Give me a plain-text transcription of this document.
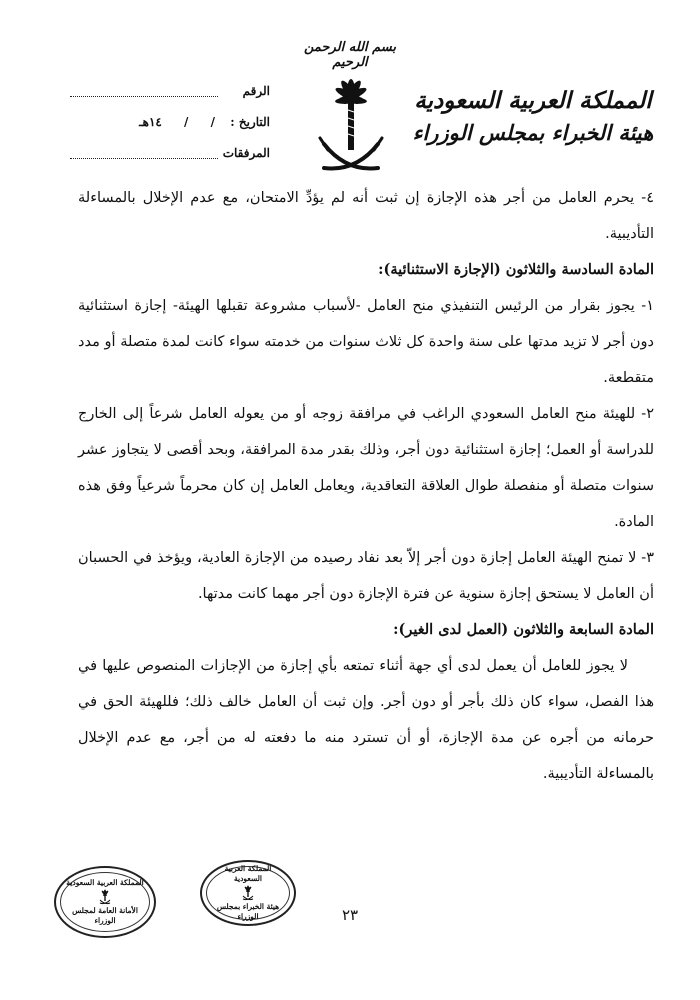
بسم الله الرحمن الرحيم
المملكة العربية السعودية
هيئة الخبراء بمجلس الوزراء
الرقم
التاريخ :
/ / ١٤هـ
المرفقات

٤- يحرم العامل من أجر هذه الإجازة إن ثبت أنه لم يؤدِّ الامتحان، مع عدم الإخلال بالمساءلة التأديبية.

المادة السادسة والثلاثون (الإجازة الاستثنائية):

١- يجوز بقرار من الرئيس التنفيذي منح العامل -لأسباب مشروعة تقبلها الهيئة- إجازة استثنائية دون أجر لا تزيد مدتها على سنة واحدة كل ثلاث سنوات من خدمته سواء كانت لمدة متصلة أو مدد متقطعة.

٢- للهيئة منح العامل السعودي الراغب في مرافقة زوجه أو من يعوله العامل شرعاً إلى الخارج للدراسة أو العمل؛ إجازة استثنائية دون أجر، وذلك بقدر مدة المرافقة، وبحد أقصى لا يتجاوز عشر سنوات متصلة أو منفصلة طوال العلاقة التعاقدية، ويعامل العامل إن كان محرماً شرعياً وفق هذه المادة.

٣- لا تمنح الهيئة العامل إجازة دون أجر إلاّ بعد نفاد رصيده من الإجازة العادية، ويؤخذ في الحسبان أن العامل لا يستحق إجازة سنوية عن فترة الإجازة دون أجر مهما كانت مدتها.

المادة السابعة والثلاثون (العمل لدى الغير):

لا يجوز للعامل أن يعمل لدى أي جهة أثناء تمتعه بأي إجازة من الإجازات المنصوص عليها في هذا الفصل، سواء كان ذلك بأجر أو دون أجر. وإن ثبت أن العامل خالف ذلك؛ فللهيئة الحق في حرمانه من أجره عن مدة الإجازة، أو أن تسترد منه ما دفعته له من أجر، مع عدم الإخلال بالمساءلة التأديبية.

٢٣
المملكة العربية السعودية
الأمانة العامة لمجلس الوزراء
المملكة العربية السعودية
هيئة الخبراء بمجلس الوزراء
